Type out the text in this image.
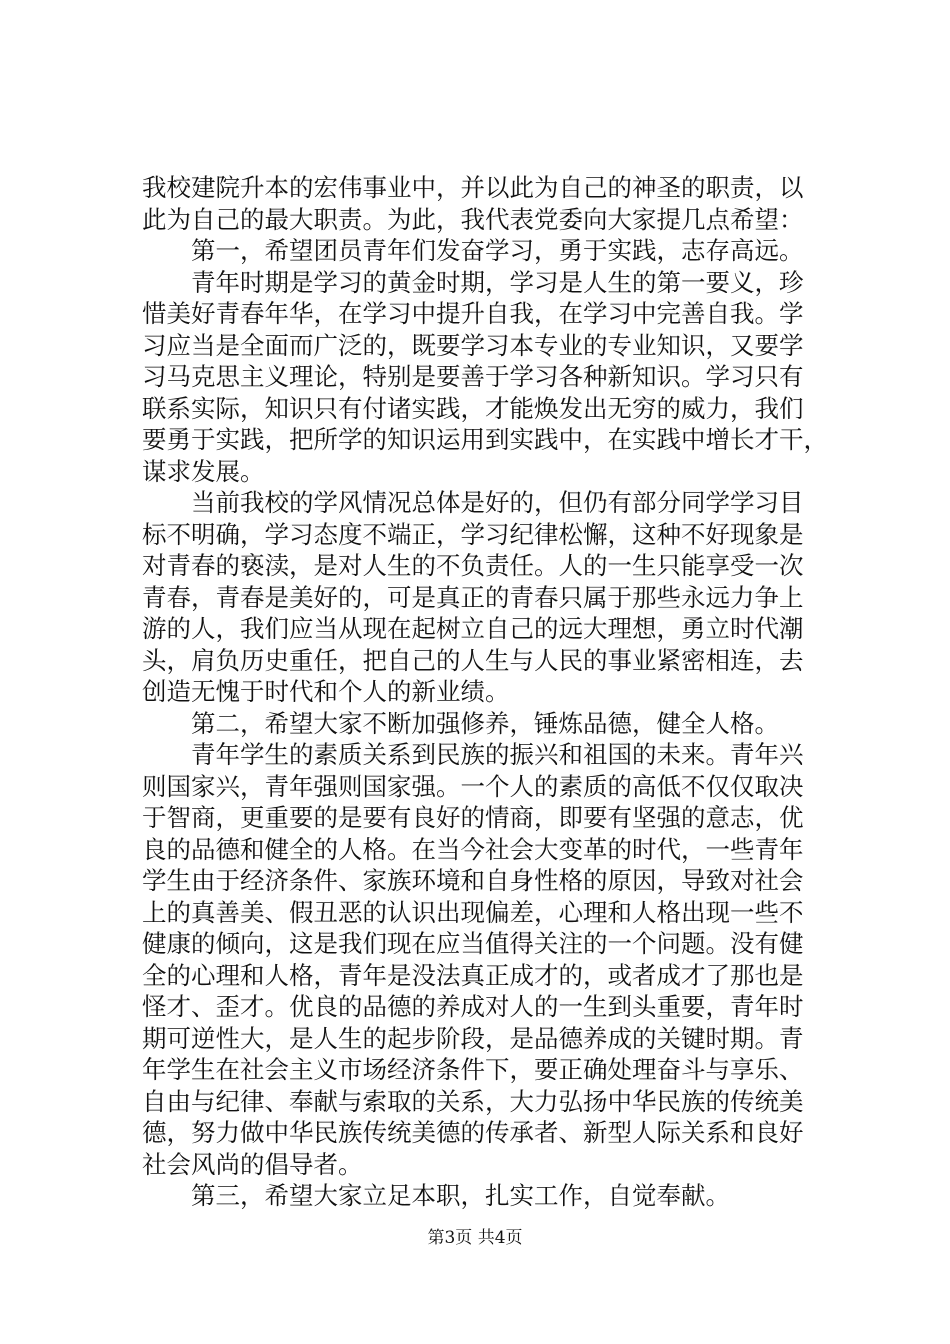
我校建院升本的宏伟事业中，并以此为自己的神圣的职责，以
此为自己的最大职责。为此，我代表党委向大家提几点希望：
　　第一，希望团员青年们发奋学习，勇于实践，志存高远。
　　青年时期是学习的黄金时期，学习是人生的第一要义，珍
惜美好青春年华，在学习中提升自我，在学习中完善自我。学
习应当是全面而广泛的，既要学习本专业的专业知识，又要学
习马克思主义理论，特别是要善于学习各种新知识。学习只有
联系实际，知识只有付诸实践，才能焕发出无穷的威力，我们
要勇于实践，把所学的知识运用到实践中，在实践中增长才干，
谋求发展。
　　当前我校的学风情况总体是好的，但仍有部分同学学习目
标不明确，学习态度不端正，学习纪律松懈，这种不好现象是
对青春的亵渎，是对人生的不负责任。人的一生只能享受一次
青春，青春是美好的，可是真正的青春只属于那些永远力争上
游的人，我们应当从现在起树立自己的远大理想，勇立时代潮
头，肩负历史重任，把自己的人生与人民的事业紧密相连，去
创造无愧于时代和个人的新业绩。
　　第二，希望大家不断加强修养，锤炼品德，健全人格。
　　青年学生的素质关系到民族的振兴和祖国的未来。青年兴
则国家兴，青年强则国家强。一个人的素质的高低不仅仅取决
于智商，更重要的是要有良好的情商，即要有坚强的意志，优
良的品德和健全的人格。在当今社会大变革的时代，一些青年
学生由于经济条件、家族环境和自身性格的原因，导致对社会
上的真善美、假丑恶的认识出现偏差，心理和人格出现一些不
健康的倾向，这是我们现在应当值得关注的一个问题。没有健
全的心理和人格，青年是没法真正成才的，或者成才了那也是
怪才、歪才。优良的品德的养成对人的一生到头重要，青年时
期可逆性大，是人生的起步阶段，是品德养成的关键时期。青
年学生在社会主义市场经济条件下，要正确处理奋斗与享乐、
自由与纪律、奉献与索取的关系，大力弘扬中华民族的传统美
德，努力做中华民族传统美德的传承者、新型人际关系和良好
社会风尚的倡导者。
　　第三，希望大家立足本职，扎实工作，自觉奉献。
第3页 共4页
